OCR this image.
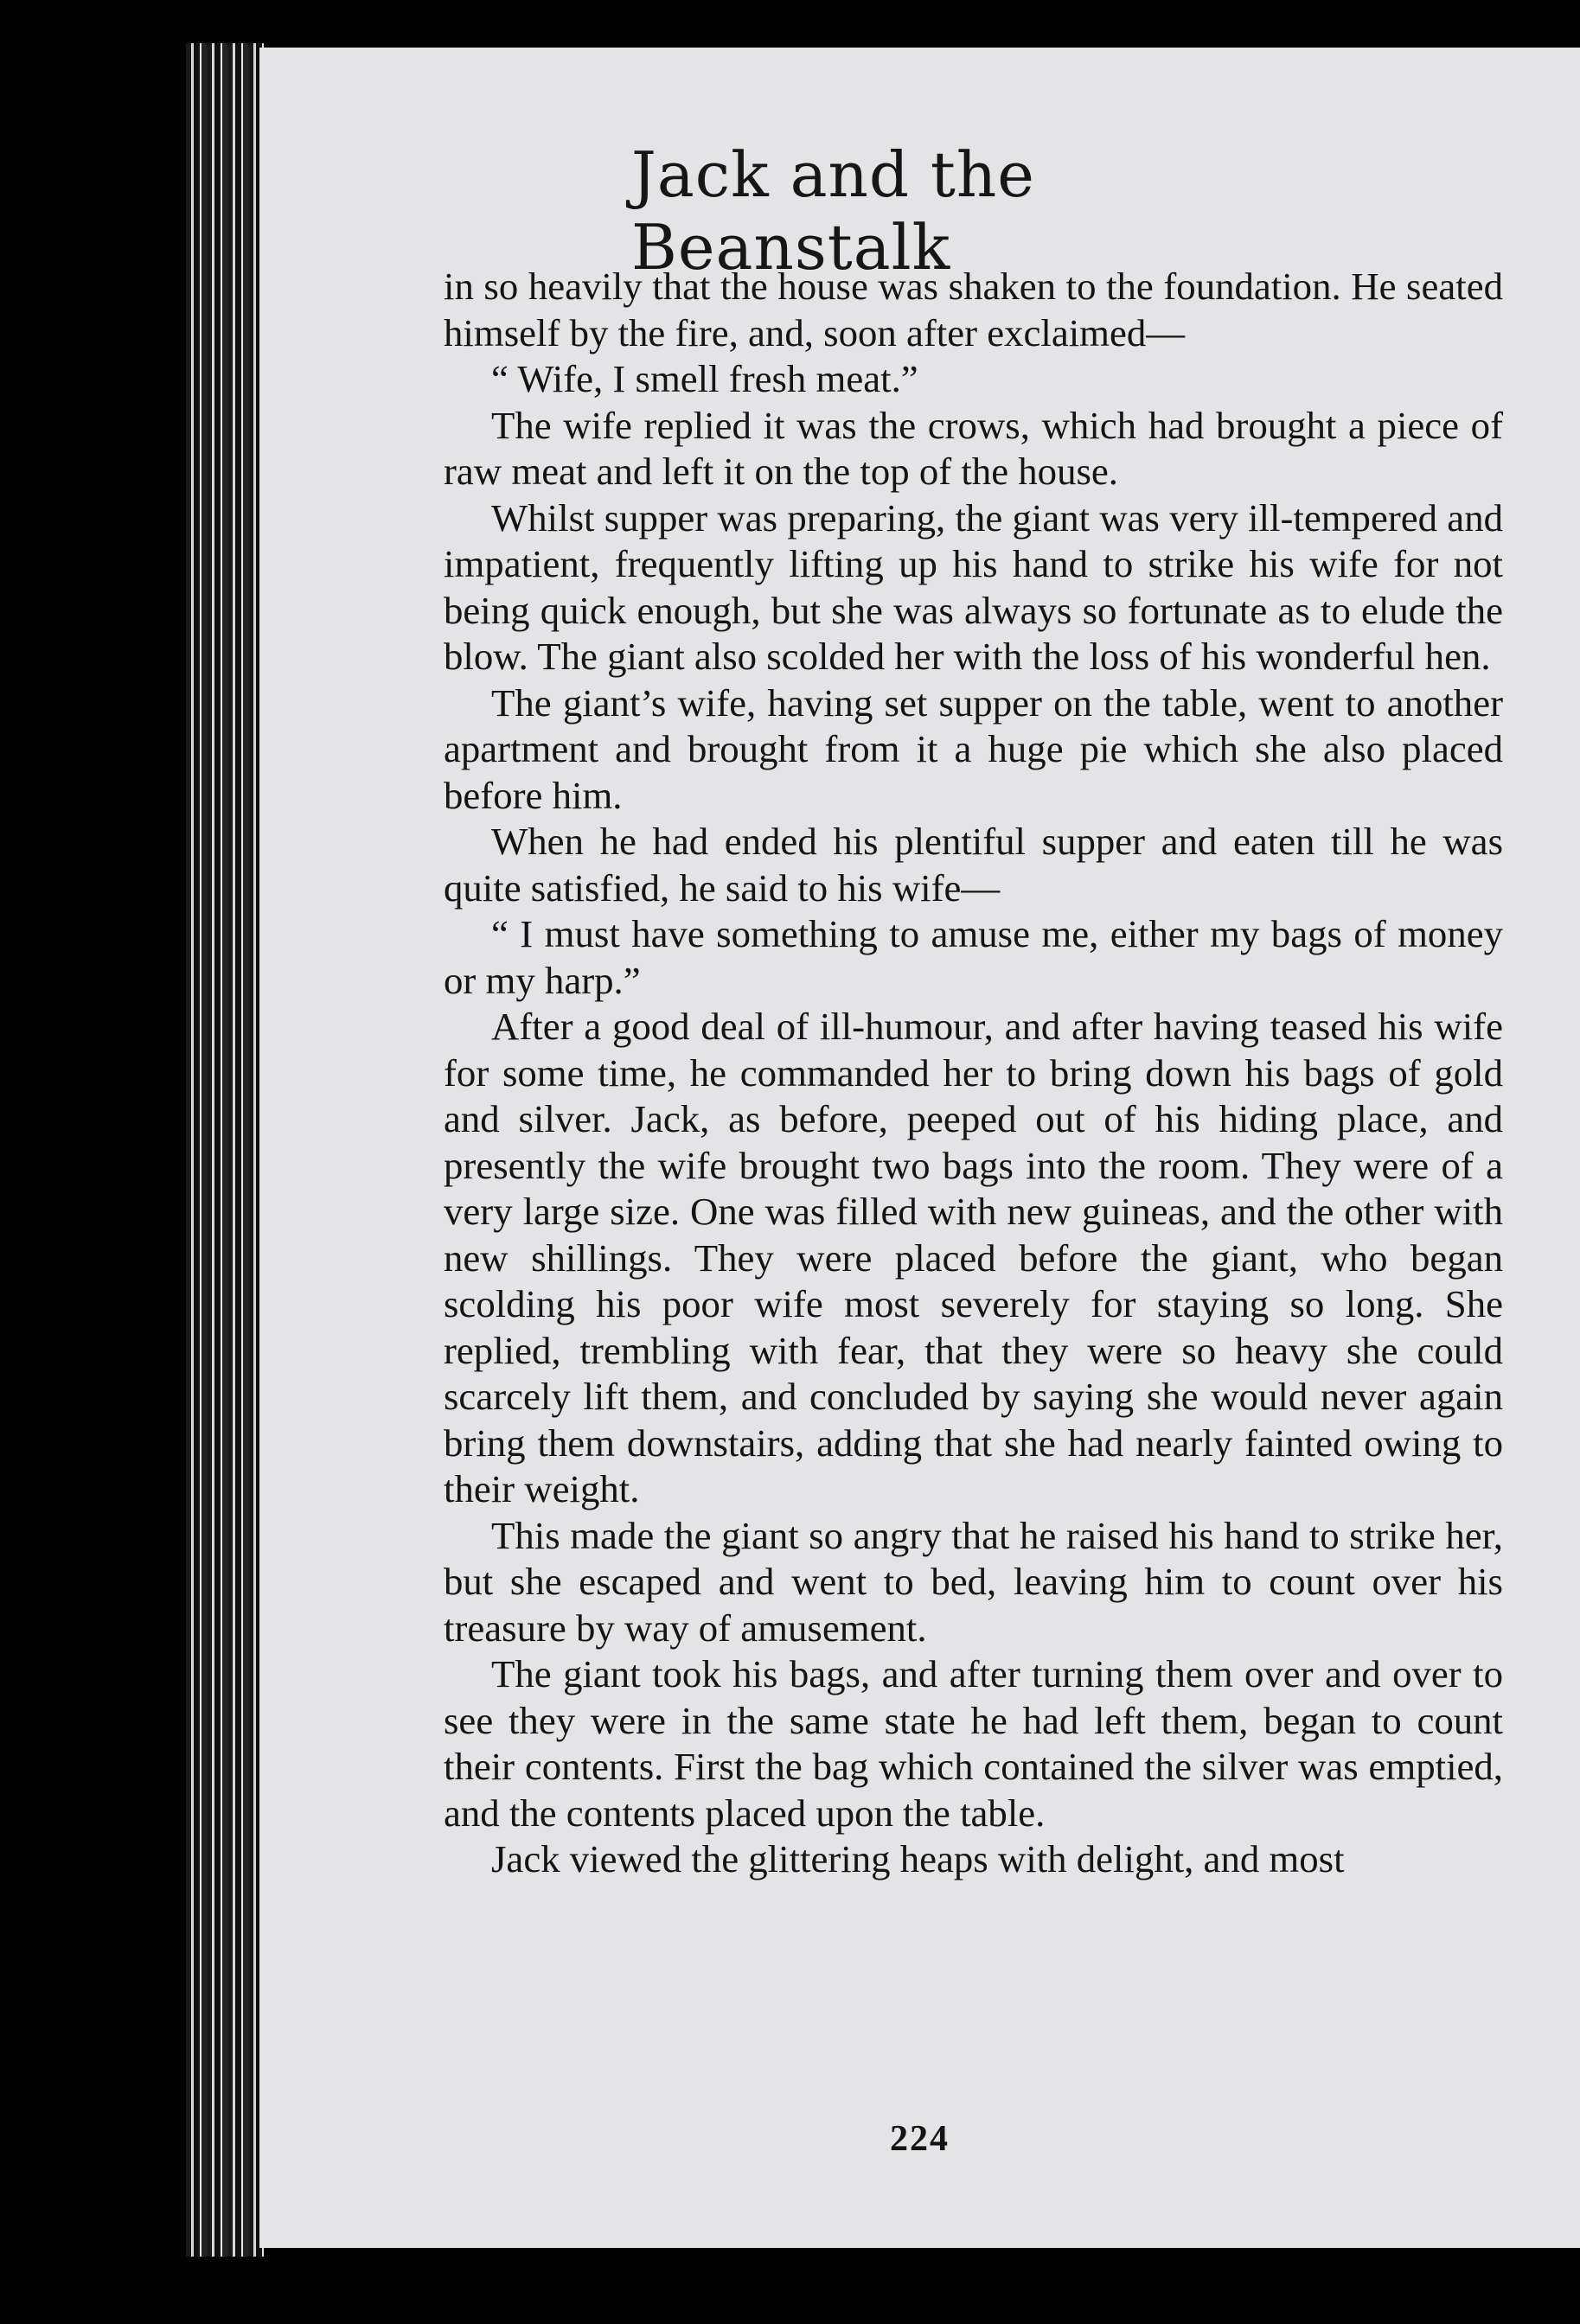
Jack and the Beanstalk

in so heavily that the house was shaken to the foundation. He seated himself by the fire, and, soon after exclaimed—

“ Wife, I smell fresh meat.”

The wife replied it was the crows, which had brought a piece of raw meat and left it on the top of the house.

Whilst supper was preparing, the giant was very ill-tempered and impatient, frequently lifting up his hand to strike his wife for not being quick enough, but she was always so fortunate as to elude the blow. The giant also scolded her with the loss of his wonderful hen.

The giant’s wife, having set supper on the table, went to another apartment and brought from it a huge pie which she also placed before him.

When he had ended his plentiful supper and eaten till he was quite satisfied, he said to his wife—

“ I must have something to amuse me, either my bags of money or my harp.”

After a good deal of ill-humour, and after having teased his wife for some time, he commanded her to bring down his bags of gold and silver. Jack, as before, peeped out of his hiding place, and presently the wife brought two bags into the room. They were of a very large size. One was filled with new guineas, and the other with new shillings. They were placed before the giant, who began scolding his poor wife most severely for staying so long. She replied, trembling with fear, that they were so heavy she could scarcely lift them, and concluded by saying she would never again bring them downstairs, adding that she had nearly fainted owing to their weight.

This made the giant so angry that he raised his hand to strike her, but she escaped and went to bed, leaving him to count over his treasure by way of amusement.

The giant took his bags, and after turning them over and over to see they were in the same state he had left them, began to count their contents. First the bag which contained the silver was emptied, and the contents placed upon the table.

Jack viewed the glittering heaps with delight, and most

224
